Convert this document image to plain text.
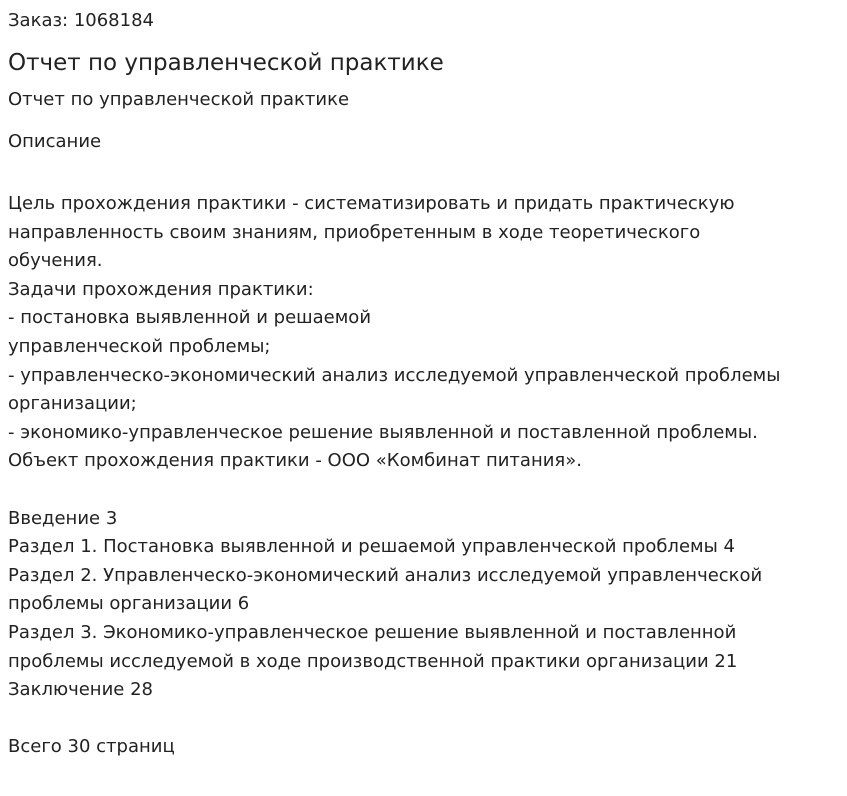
Заказ: 1068184
Отчет по управленческой практике
Отчет по управленческой практике
Описание
Цель прохождения практики - систематизировать и придать практическую
направленность своим знаниям, приобретенным в ходе теоретического
обучения.
Задачи прохождения практики:
- постановка выявленной и решаемой
управленческой проблемы;
- управленческо-экономический анализ исследуемой управленческой проблемы
организации;
- экономико-управленческое решение выявленной и поставленной проблемы.
Объект прохождения практики - ООО «Комбинат питания».
Введение 3
Раздел 1. Постановка выявленной и решаемой управленческой проблемы 4
Раздел 2. Управленческо-экономический анализ исследуемой управленческой
проблемы организации 6
Раздел 3. Экономико-управленческое решение выявленной и поставленной
проблемы исследуемой в ходе производственной практики организации 21
Заключение 28
Всего 30 страниц
